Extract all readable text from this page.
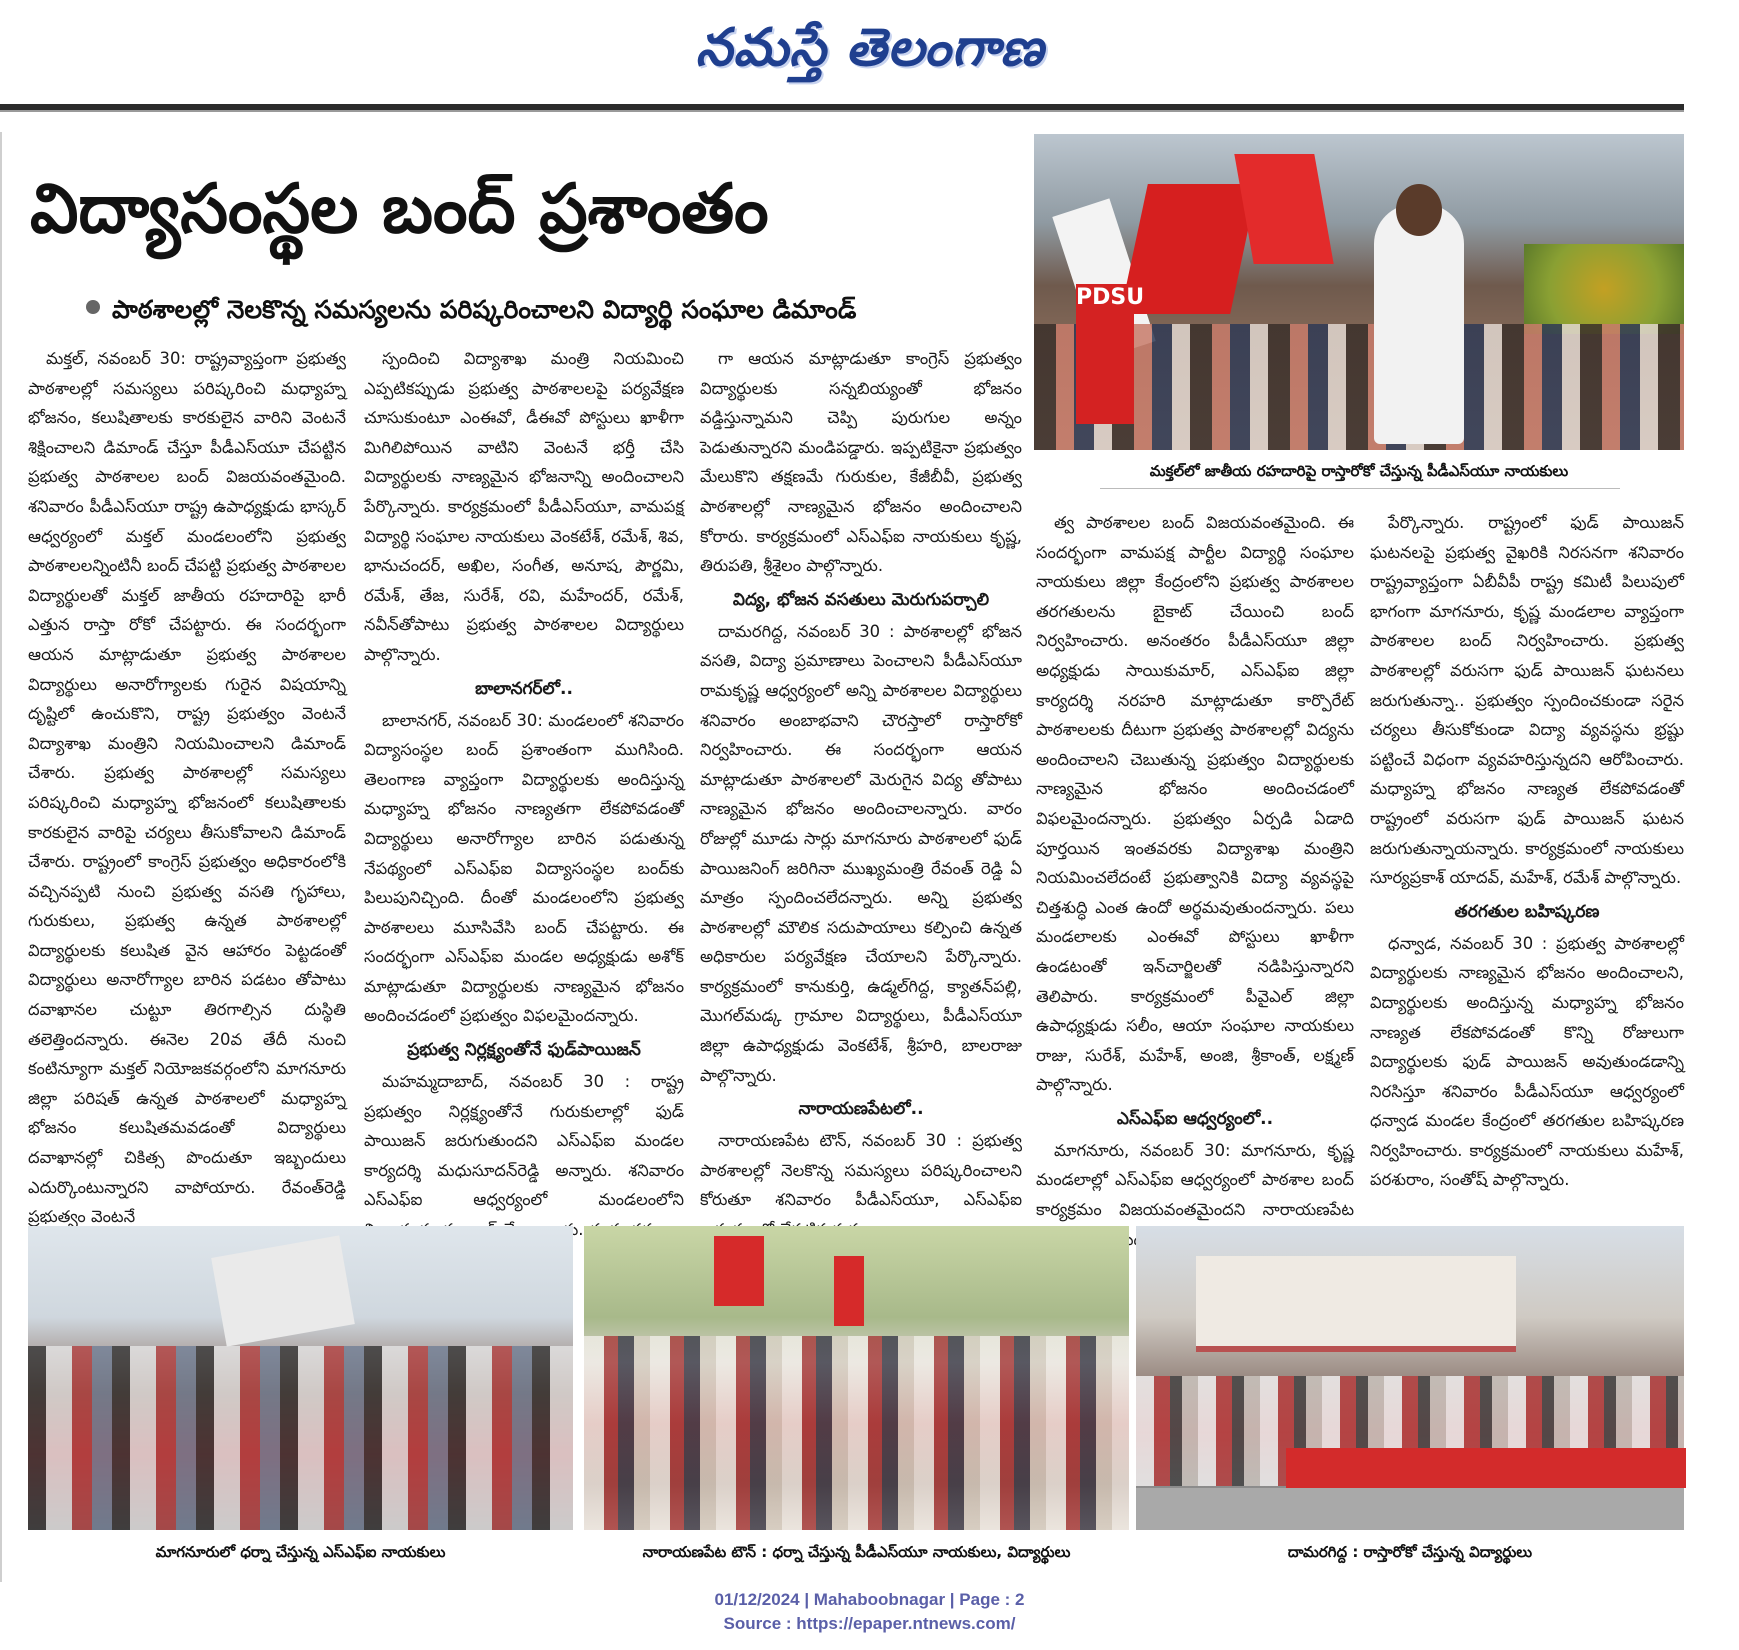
నమస్తే తెలంగాణ
విద్యాసంస్థల బంద్ ప్రశాంతం
పాఠశాలల్లో నెలకొన్న సమస్యలను పరిష్కరించాలని విద్యార్థి సంఘాల డిమాండ్	PDSU
మక్తల్‌లో జాతీయ రహదారిపై రాస్తారోకో చేస్తున్న పీడీఎస్‌యూ నాయకులు

మక్తల్, నవంబర్ 30: రాష్ట్రవ్యాప్తంగా ప్రభుత్వ పాఠశాలల్లో సమస్యలు పరిష్కరించి మధ్యాహ్న భోజనం, కలుషితాలకు కారకులైన వారిని వెంటనే శిక్షించాలని డిమాండ్ చేస్తూ పీడీఎస్‌యూ చేపట్టిన ప్రభుత్వ పాఠశాలల బంద్ విజయవంతమైంది. శనివారం పీడీఎస్‌యూ రాష్ట్ర ఉపాధ్యక్షుడు భాస్కర్ ఆధ్వర్యంలో మక్తల్ మండలంలోని ప్రభుత్వ పాఠశాలలన్నింటినీ బంద్ చేపట్టి ప్రభుత్వ పాఠశాలల విద్యార్థులతో మక్తల్ జాతీయ రహదారిపై భారీ ఎత్తున రాస్తా రోకో చేపట్టారు. ఈ సందర్భంగా ఆయన మాట్లాడుతూ ప్రభుత్వ పాఠశాలల విద్యార్థులు అనారోగ్యాలకు గురైన విషయాన్ని దృష్టిలో ఉంచుకొని, రాష్ట్ర ప్రభుత్వం వెంటనే విద్యాశాఖ మంత్రిని నియమించాలని డిమాండ్ చేశారు. ప్రభుత్వ పాఠశాలల్లో సమస్యలు పరిష్కరించి మధ్యాహ్న భోజనంలో కలుషితాలకు కారకులైన వారిపై చర్యలు తీసుకోవాలని డిమాండ్ చేశారు. రాష్ట్రంలో కాంగ్రెస్ ప్రభుత్వం అధికారంలోకి వచ్చినప్పటి నుంచి ప్రభుత్వ వసతి గృహాలు, గురుకులు, ప్రభుత్వ ఉన్నత పాఠశాలల్లో విద్యార్థులకు కలుషిత వైన ఆహారం పెట్టడంతో విద్యార్థులు అనారోగ్యాల బారిన పడటం తోపాటు దవాఖానల చుట్టూ తిరగాల్సిన దుస్థితి తలెత్తిందన్నారు. ఈనెల 20వ తేదీ నుంచి కంటిన్యూగా మక్తల్ నియోజకవర్గంలోని మాగనూరు జిల్లా పరిషత్ ఉన్నత పాఠశాలలో మధ్యాహ్న భోజనం కలుషితమవడంతో విద్యార్థులు దవాఖానల్లో చికిత్స పొందుతూ ఇబ్బందులు ఎదుర్కొంటున్నారని వాపోయారు. రేవంత్‌రెడ్డి ప్రభుత్వం వెంటనే

స్పందించి విద్యాశాఖ మంత్రి నియమించి ఎప్పటికప్పుడు ప్రభుత్వ పాఠశాలలపై పర్యవేక్షణ చూసుకుంటూ ఎంఈవో, డీఈవో పోస్టులు ఖాళీగా మిగిలిపోయిన వాటిని వెంటనే భర్తీ చేసి విద్యార్థులకు నాణ్యమైన భోజనాన్ని అందించాలని పేర్కొన్నారు. కార్యక్రమంలో పీడీఎస్‌యూ, వామపక్ష విద్యార్థి సంఘాల నాయకులు వెంకటేశ్, రమేశ్, శివ, భానుచందర్, అఖిల, సంగీత, అనూష, పౌర్ణమి, రమేశ్, తేజ, సురేశ్, రవి, మహేందర్, రమేశ్, నవీన్‌తోపాటు ప్రభుత్వ పాఠశాలల విద్యార్థులు పాల్గొన్నారు.

బాలానగర్‌లో..

బాలానగర్, నవంబర్ 30: మండలంలో శనివారం విద్యాసంస్థల బంద్ ప్రశాంతంగా ముగిసింది. తెలంగాణ వ్యాప్తంగా విద్యార్థులకు అందిస్తున్న మధ్యాహ్న భోజనం నాణ్యతగా లేకపోవడంతో విద్యార్థులు అనారోగ్యాల బారిన పడుతున్న నేపథ్యంలో ఎస్ఎఫ్ఐ విద్యాసంస్థల బంద్‌కు పిలుపునిచ్చింది. దీంతో మండలంలోని ప్రభుత్వ పాఠశాలలు మూసివేసి బంద్ చేపట్టారు. ఈ సందర్భంగా ఎస్ఎఫ్ఐ మండల అధ్యక్షుడు అశోక్ మాట్లాడుతూ విద్యార్థులకు నాణ్యమైన భోజనం అందించడంలో ప్రభుత్వం విఫలమైందన్నారు.

ప్రభుత్వ నిర్లక్ష్యంతోనే ఫుడ్‌పాయిజన్

మహమ్మదాబాద్, నవంబర్ 30 : రాష్ట్ర ప్రభుత్వం నిర్లక్ష్యంతోనే గురుకులాల్లో ఫుడ్ పాయిజన్ జరుగుతుందని ఎస్ఎఫ్ఐ మండల కార్యదర్శి మధుసూదన్‌రెడ్డి అన్నారు. శనివారం ఎస్ఎఫ్ఐ ఆధ్వర్యంలో మండలంలోని

గా ఆయన మాట్లాడుతూ కాంగ్రెస్ ప్రభుత్వం విద్యార్థులకు సన్నబియ్యంతో భోజనం వడ్డిస్తున్నామని చెప్పి పురుగుల అన్నం పెడుతున్నారని మండిపడ్డారు. ఇప్పటికైనా ప్రభుత్వం మేలుకొని తక్షణమే గురుకుల, కేజీబీవీ, ప్రభుత్వ పాఠశాలల్లో నాణ్యమైన భోజనం అందించాలని కోరారు. కార్యక్రమంలో ఎస్ఎఫ్ఐ నాయకులు కృష్ణ, తిరుపతి, శ్రీశైలం పాల్గొన్నారు.

విద్య, భోజన వసతులు మెరుగుపర్చాలి

దామరగిద్ద, నవంబర్ 30 : పాఠశాలల్లో భోజన వసతి, విద్యా ప్రమాణాలు పెంచాలని పీడీఎస్‌యూ రామకృష్ణ ఆధ్వర్యంలో అన్ని పాఠశాలల విద్యార్థులు శనివారం అంబాభవాని చౌరస్తాలో రాస్తారోకో నిర్వహించారు. ఈ సందర్భంగా ఆయన మాట్లాడుతూ పాఠశాలలో మెరుగైన విద్య తోపాటు నాణ్యమైన భోజనం అందించాలన్నారు. వారం రోజుల్లో మూడు సార్లు మాగనూరు పాఠశాలలో ఫుడ్ పాయిజనింగ్ జరిగినా ముఖ్యమంత్రి రేవంత్ రెడ్డి ఏ మాత్రం స్పందించలేదన్నారు. అన్ని ప్రభుత్వ పాఠశాలల్లో మౌలిక సదుపాయాలు కల్పించి ఉన్నత అధికారుల పర్యవేక్షణ చేయాలని పేర్కొన్నారు. కార్యక్రమంలో కానుకుర్తి, ఉడ్మల్‌గిద్ద, క్యాతన్‌పల్లి, మొగల్‌మడ్క గ్రామాల విద్యార్థులు, పీడీఎస్‌యూ జిల్లా ఉపాధ్యక్షుడు వెంకటేశ్, శ్రీహరి, బాలరాజు పాల్గొన్నారు.

నారాయణపేటలో..

నారాయణపేట టౌన్, నవంబర్ 30 : ప్రభుత్వ పాఠశాలల్లో నెలకొన్న సమస్యలు పరిష్కరించాలని కోరుతూ శనివారం పీడీఎస్‌యూ, ఎస్ఎఫ్ఐ

త్వ పాఠశాలల బంద్ విజయవంతమైంది. ఈ సందర్భంగా వామపక్ష పార్టీల విద్యార్థి సంఘాల నాయకులు జిల్లా కేంద్రంలోని ప్రభుత్వ పాఠశాలల తరగతులను బైకాట్ చేయించి బంద్ నిర్వహించారు. అనంతరం పీడీఎస్‌యూ జిల్లా అధ్యక్షుడు సాయికుమార్, ఎస్ఎఫ్ఐ జిల్లా కార్యదర్శి నరహరి మాట్లాడుతూ కార్పొరేట్ పాఠశాలలకు దీటుగా ప్రభుత్వ పాఠశాలల్లో విద్యను అందించాలని చెబుతున్న ప్రభుత్వం విద్యార్థులకు నాణ్యమైన భోజనం అందించడంలో విఫలమైందన్నారు. ప్రభుత్వం ఏర్పడి ఏడాది పూర్తయిన ఇంతవరకు విద్యాశాఖ మంత్రిని నియమించలేదంటే ప్రభుత్వానికి విద్యా వ్యవస్థపై చిత్తశుద్ధి ఎంత ఉందో అర్థమవుతుందన్నారు. పలు మండలాలకు ఎంఈవో పోస్టులు ఖాళీగా ఉండటంతో ఇన్‌చార్జిలతో నడిపిస్తున్నారని తెలిపారు. కార్యక్రమంలో పీవైఎల్ జిల్లా ఉపాధ్యక్షుడు సలీం, ఆయా సంఘాల నాయకులు రాజు, సురేశ్, మహేశ్, అంజి, శ్రీకాంత్, లక్ష్మణ్ పాల్గొన్నారు.

ఎస్ఎఫ్ఐ ఆధ్వర్యంలో..

మాగనూరు, నవంబర్ 30: మాగనూరు, కృష్ణ మండలాల్లో ఎస్ఎఫ్ఐ ఆధ్వర్యంలో పాఠశాల బంద్ కార్యక్రమం విజయవంతమైందని నారాయణపేట

పేర్కొన్నారు. రాష్ట్రంలో ఫుడ్ పాయిజన్ ఘటనలపై ప్రభుత్వ వైఖరికి నిరసనగా శనివారం రాష్ట్రవ్యాప్తంగా ఏబీవీపీ రాష్ట్ర కమిటీ పిలుపులో భాగంగా మాగనూరు, కృష్ణ మండలాల వ్యాప్తంగా పాఠశాలల బంద్ నిర్వహించారు. ప్రభుత్వ పాఠశాలల్లో వరుసగా ఫుడ్ పాయిజన్ ఘటనలు జరుగుతున్నా.. ప్రభుత్వం స్పందించకుండా సరైన చర్యలు తీసుకోకుండా విద్యా వ్యవస్థను భ్రష్టు పట్టించే విధంగా వ్యవహరిస్తున్నదని ఆరోపించారు. మధ్యాహ్న భోజనం నాణ్యత లేకపోవడంతో రాష్ట్రంలో వరుసగా ఫుడ్ పాయిజన్ ఘటన జరుగుతున్నాయన్నారు. కార్యక్రమంలో నాయకులు సూర్యప్రకాశ్ యాదవ్, మహేశ్, రమేశ్ పాల్గొన్నారు.

తరగతుల బహిష్కరణ

ధన్వాడ, నవంబర్ 30 : ప్రభుత్వ పాఠశాలల్లో విద్యార్థులకు నాణ్యమైన భోజనం అందించాలని, విద్యార్థులకు అందిస్తున్న మధ్యాహ్న భోజనం నాణ్యత లేకపోవడంతో కొన్ని రోజులుగా విద్యార్థులకు ఫుడ్ పాయిజన్ అవుతుండడాన్ని నిరసిస్తూ శనివారం పీడీఎస్‌యూ ఆధ్వర్యంలో ధన్వాడ మండల కేంద్రంలో తరగతుల బహిష్కరణ నిర్వహించారు. కార్యక్రమంలో నాయకులు మహేశ్, పరశురాం, సంతోష్ పాల్గొన్నారు.

మాగనూరులో ధర్నా చేస్తున్న ఎస్ఎఫ్ఐ నాయకులు	నారాయణపేట టౌన్ : ధర్నా చేస్తున్న పీడీఎస్‌యూ నాయకులు, విద్యార్థులు	దామరగిద్ద : రాస్తారోకో చేస్తున్న విద్యార్థులు
01/12/2024 | Mahaboobnagar | Page : 2
Source : https://epaper.ntnews.com/
